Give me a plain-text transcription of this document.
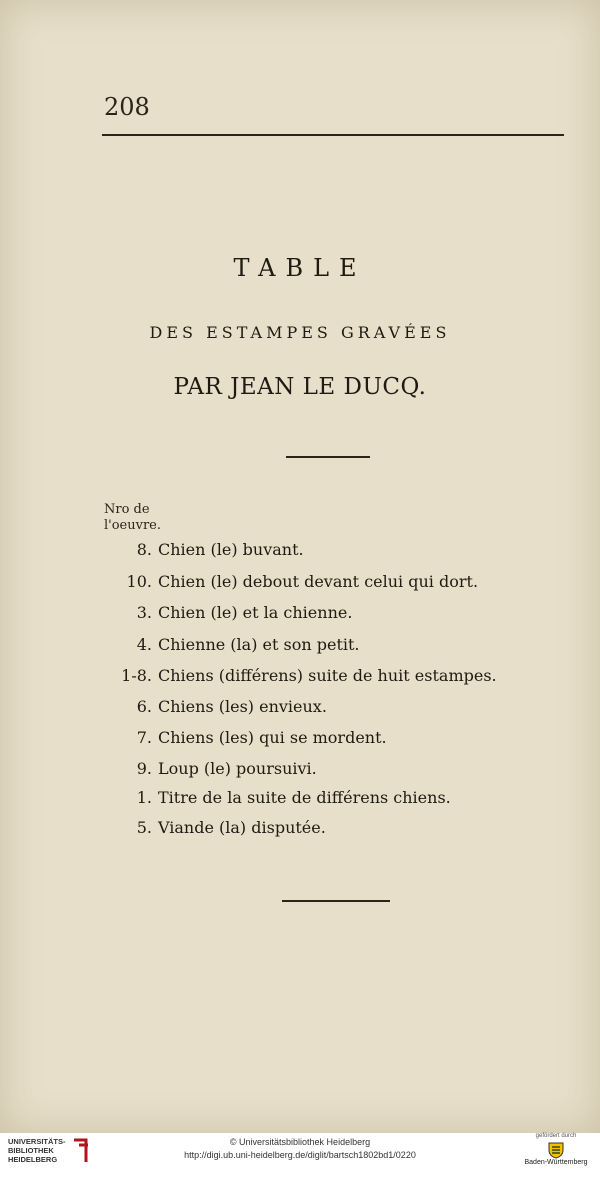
208
TABLE
DES ESTAMPES GRAVÉES
PAR JEAN LE DUCQ.
Nro de
l'oeuvre.
8. Chien (le) buvant.
10. Chien (le) debout devant celui qui dort.
3. Chien (le) et la chienne.
4. Chienne (la) et son petit.
1-8. Chiens (différens) suite de huit estampes.
6. Chiens (les) envieux.
7. Chiens (les) qui se mordent.
9. Loup (le) poursuivi.
1. Titre de la suite de différens chiens.
5. Viande (la) disputée.
UNIVERSITÄTS-
BIBLIOTHEK
HEIDELBERG
© Universitätsbibliothek Heidelberg
http://digi.ub.uni-heidelberg.de/diglit/bartsch1802bd1/0220
gefördert durch
Baden-Württemberg
